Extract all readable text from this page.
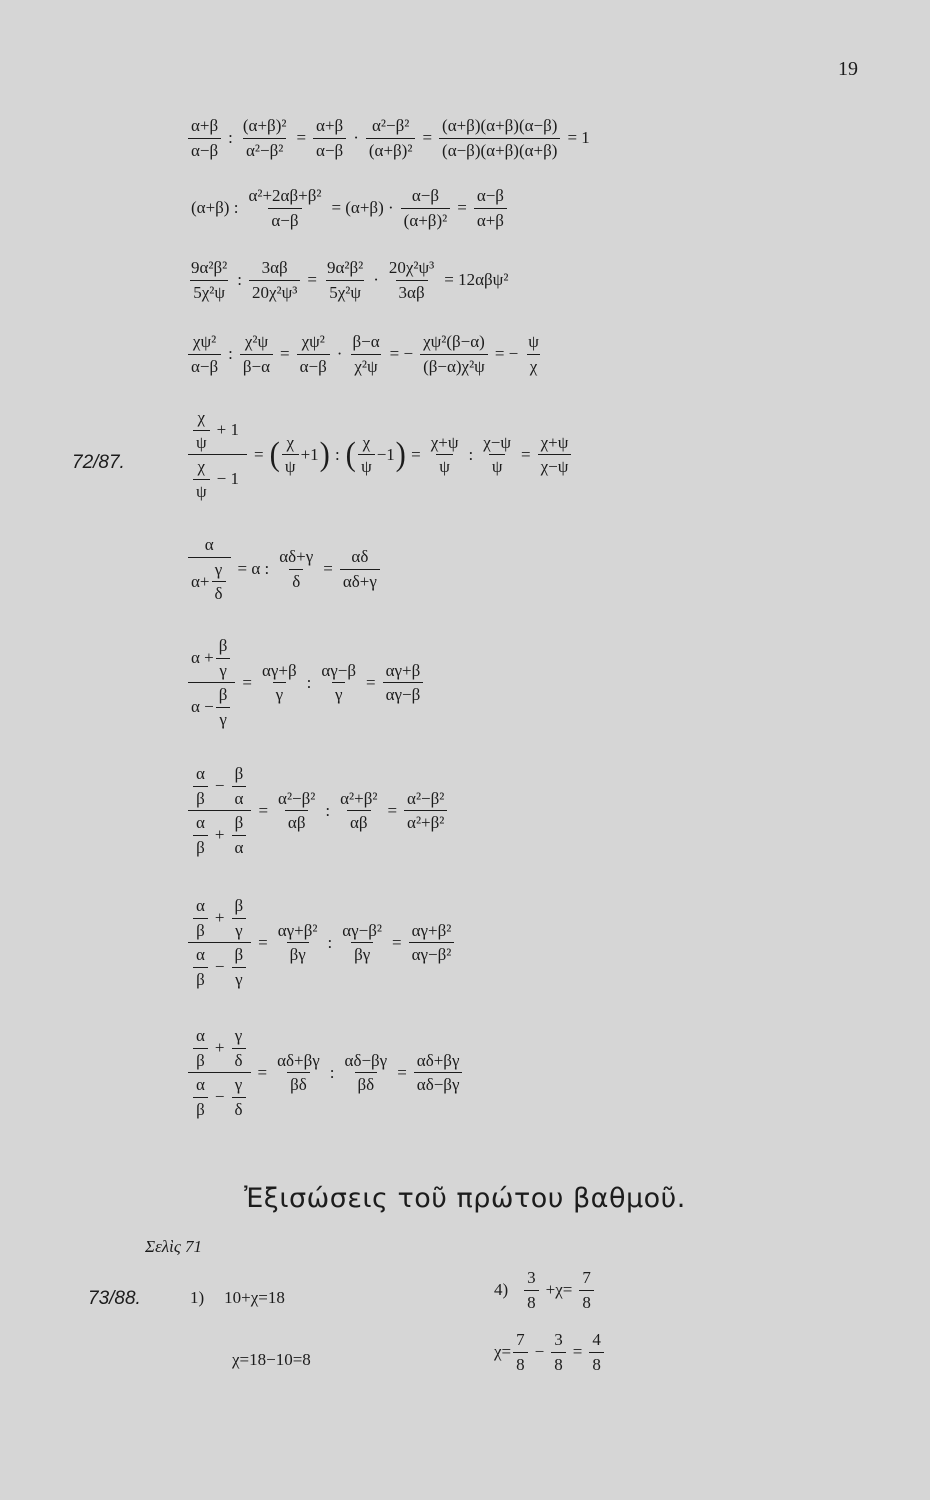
19
$\frac{\alpha+\beta}{\alpha-\beta}$ : $\frac{\text{(α+β)²}}{\text{α²−β²}} = \frac{\alpha+\beta}{\alpha-\beta} \cdot \frac{\text{α²−β²}}{\text{(α+β)²}} = \frac{(\alpha+\beta)(\alpha+\beta)(\alpha-\beta)}{(\alpha-\beta)(\alpha+\beta)(\alpha+\beta)} = 1$
(α+β) : $\frac{\text{α²+2αβ+β²}}{\alpha-\beta} = (\alpha+\beta) \cdot \frac{\alpha-\beta}{\text{(α+β)²}} = \frac{\alpha-\beta}{\alpha+\beta}$
$\frac{\text{9α²β²}}{\text{5χ²ψ}}$ : $\frac{3\alpha\beta}{\text{20χ²ψ³}} = \frac{\text{9α²β²}}{\text{5χ²ψ}} \cdot \frac{\text{20χ²ψ³}}{3\alpha\beta} = 12\alpha\beta\psi^2$
$\frac{\text{χψ²}}{\alpha-\beta}$ : $\frac{\text{χ²ψ}}{\beta-\alpha} = \frac{\text{χψ²}}{\alpha-\beta} \cdot \frac{\beta-\alpha}{\text{χ²ψ}}$ = − $\frac{\text{χψ²(β−α)}}{\text{(β−α)χ²ψ}}$ = − $\frac{\psi}{\chi}$
72/87.	$\frac{\frac{\chi}{\psi} + 1}{\frac{\chi}{\psi} - 1}$ = ( $\frac{\chi}{\psi} +1$ ) : ( $\frac{\chi}{\psi} -1$ ) = $\frac{\chi+\psi}{\psi}$ : $\frac{\chi-\psi}{\psi} = \frac{\chi+\psi}{\chi-\psi}$
$\frac{\alpha}{\alpha+ \frac{\gamma}{\delta}} = \alpha$ : $\frac{\alpha\delta+\gamma}{\delta} = \frac{\alpha\delta}{\alpha\delta+\gamma}$
$\frac{\alpha + \frac{\beta}{\gamma}}{\alpha - \frac{\beta}{\gamma}} = \frac{\alpha\gamma+\beta}{\gamma}$ : $\frac{\alpha\gamma-\beta}{\gamma} = \frac{\alpha\gamma+\beta}{\alpha\gamma-\beta}$
$\frac{\frac{\alpha}{\beta} - \frac{\beta}{\alpha}}{\frac{\alpha}{\beta} + \frac{\beta}{\alpha}} = \frac{\text{α²−β²}}{\alpha\beta}$ : $\frac{\text{α²+β²}}{\alpha\beta} = \frac{\text{α²−β²}}{\text{α²+β²}}$
$\frac{\frac{\alpha}{\beta} + \frac{\beta}{\gamma}}{\frac{\alpha}{\beta} - \frac{\beta}{\gamma}} = \frac{\text{αγ+β²}}{\beta\gamma}$ : $\frac{\text{αγ−β²}}{\beta\gamma} = \frac{\text{αγ+β²}}{\text{αγ−β²}}$
$\frac{\frac{\alpha}{\beta} + \frac{\gamma}{\delta}}{\frac{\alpha}{\beta} - \frac{\gamma}{\delta}} = \frac{\alpha\delta+\beta\gamma}{\beta\delta}$ : $\frac{\alpha\delta-\beta\gamma}{\beta\delta} = \frac{\alpha\delta+\beta\gamma}{\alpha\delta-\beta\gamma}$
Ἐξισώσεις τοῦ πρώτου βαθμοῦ.
Σελὶς 71
73/88.	1) 10+χ=18
χ=18−10=8
$4) \frac{3}{8} +\chi= \frac{7}{8}$
$\chi= \frac{7}{8} - \frac{3}{8} = \frac{4}{8}$
